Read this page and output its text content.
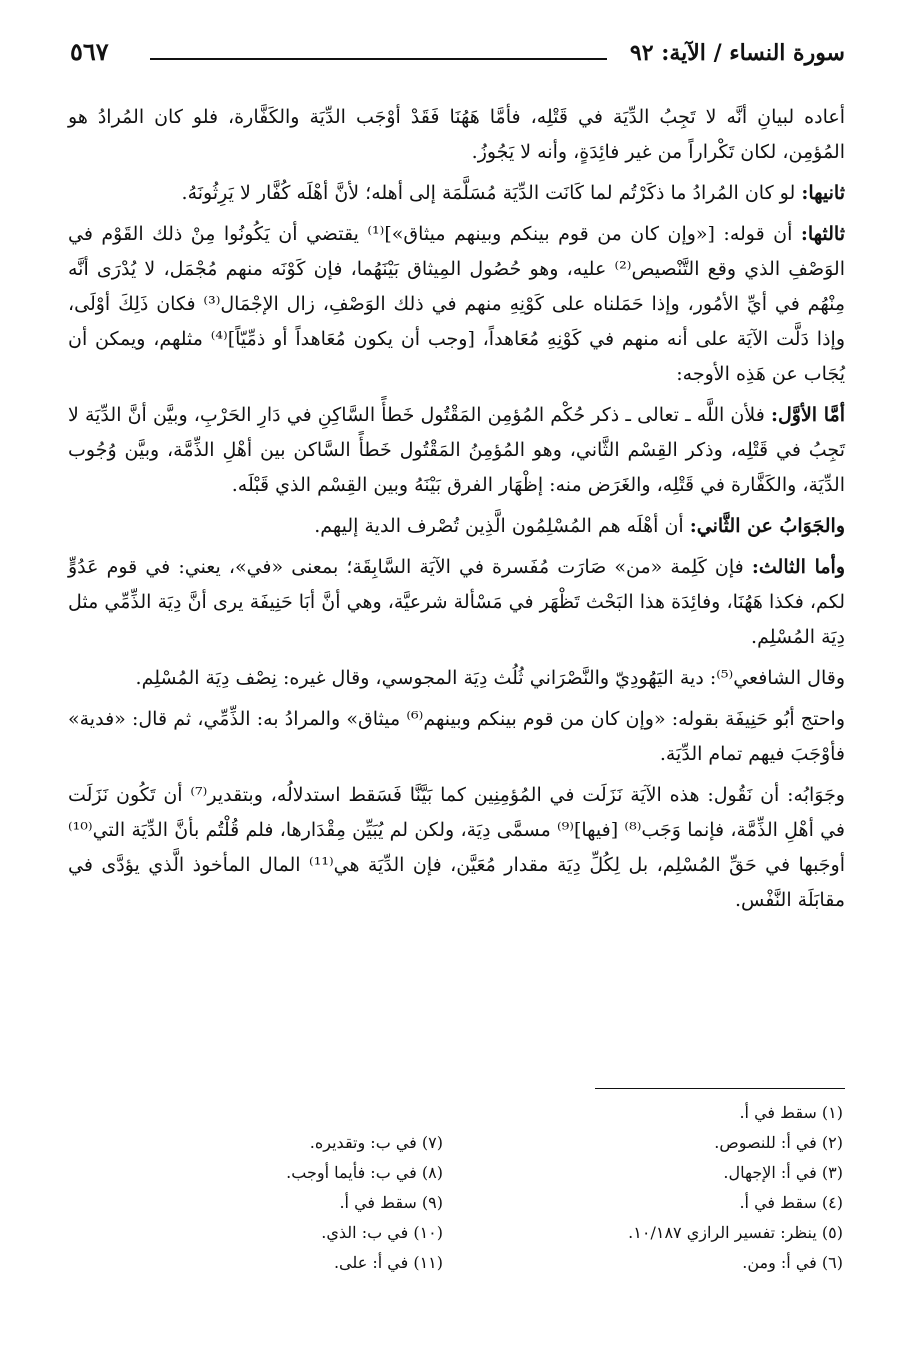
سورة النساء / الآية: ٩٢
٥٦٧

أعاده لبيانِ أنَّه لا تَجِبُ الدِّيَة في قَتْلِه، فأمَّا هَهُنَا فَقَدْ أوْجَب الدِّيَة والكَفَّارة، فلو كان المُرادُ هو المُؤمِن، لكان تَكْراراً من غير فائِدَةٍ، وأنه لا يَجُوزُ.

ثانيها: لو كان المُرادُ ما ذكَرْتُم لما كَانَت الدِّيَة مُسَلَّمَة إلى أهله؛ لأنَّ أهْلَه كُفَّار لا يَرِثُونَهُ.

ثالثها: أن قوله: [«وإن كان من قوم بينكم وبينهم ميثاق»]⁽¹⁾ يقتضي أن يَكُونُوا مِنْ ذلك القَوْم في الوَصْفِ الذي وقع التَّنْصيص⁽²⁾ عليه، وهو حُصُول المِيثاق بَيْنَهُما، فإن كَوْنَه منهم مُجْمَل، لا يُدْرَى أنَّه مِنْهُم في أيِّ الأمُور، وإذا حَمَلناه على كَوْنِهِ منهم في ذلك الوَصْفِ، زال الإجْمَال⁽³⁾ فكان ذَلِكَ أوْلَى، وإذا دَلَّت الآيَة على أنه منهم في كَوْنِهِ مُعَاهداً، [وجب أن يكون مُعَاهداً أو ذمِّيّاً]⁽⁴⁾ مثلهم، ويمكن أن يُجَاب عن هَذِه الأوجه:

أمَّا الأوَّل: فلأن اللَّه ـ تعالى ـ ذكر حُكْم المُؤمِن المَقْتُول خَطأً السَّاكِنِ في دَارِ الحَرْبِ، وبيَّن أنَّ الدِّيَة لا تَجِبُ في قَتْلِه، وذكر القِسْم الثَّاني، وهو المُؤمِنُ المَقْتُول خَطأً السَّاكن بين أهْلِ الذِّمَّة، وبيَّن وُجُوب الدِّيَة، والكَفَّارة في قَتْلِه، والغَرَض منه: إظْهَار الفرق بَيْنَهُ وبين القِسْم الذي قَبْلَه.

والجَوَابُ عن الثَّاني: أن أهْلَه هم المُسْلِمُون الَّذِين تُصْرف الدية إليهم.

وأما الثالث: فإن كَلِمة «من» صَارَت مُفَسرة في الآيَة السَّابِقَة؛ بمعنى «في»، يعني: في قوم عَدُوٍّ لكم، فكذا هَهُنَا، وفائِدَة هذا البَحْث تَظْهَر في مَسْألة شرعيَّة، وهي أنَّ أبَا حَنِيفَة يرى أنَّ دِيَة الذِّمِّي مثل دِيَة المُسْلِم.

وقال الشافعي⁽⁵⁾: دية اليَهُودِيّ والنَّصْرَاني ثُلُث دِيَة المجوسي، وقال غيره: نِصْف دِيَة المُسْلِم.

واحتج أبُو حَنِيفَة بقوله: «وإن كان من قوم بينكم وبينهم⁽⁶⁾ ميثاق» والمرادُ به: الذِّمِّي، ثم قال: «فدية» فأوْجَبَ فيهم تمام الدِّيَة.

وجَوَابُه: أن نَقُول: هذه الآيَة نَزَلَت في المُؤمِنِين كما بَيَّنَّا فَسَقط استدلالُه، وبتقدير⁽⁷⁾ أن تَكُون نَزَلَت في أهْلِ الذِّمَّة، فإنما وَجَب⁽⁸⁾ [فيها]⁽⁹⁾ مسمَّى دِيَة، ولكن لم يُبَيِّن مِقْدَارها، فلم قُلْتُم بأنَّ الدِّيَة التي⁽¹⁰⁾ أوجَبها في حَقِّ المُسْلِم، بل لِكُلِّ دِيَة مقدار مُعَيَّن، فإن الدِّيَة هي⁽¹¹⁾ المال المأخوذ الَّذي يؤدَّى في مقابَلَة النَّفْس.

(١) سقط في أ.
(٢) في أ: للنصوص.
(٣) في أ: الإجهال.
(٤) سقط في أ.
(٥) ينظر: تفسير الرازي ١٠/١٨٧.
(٦) في أ: ومن.
(٧) في ب: وتقديره.
(٨) في ب: فأيما أوجب.
(٩) سقط في أ.
(١٠) في ب: الذي.
(١١) في أ: على.
